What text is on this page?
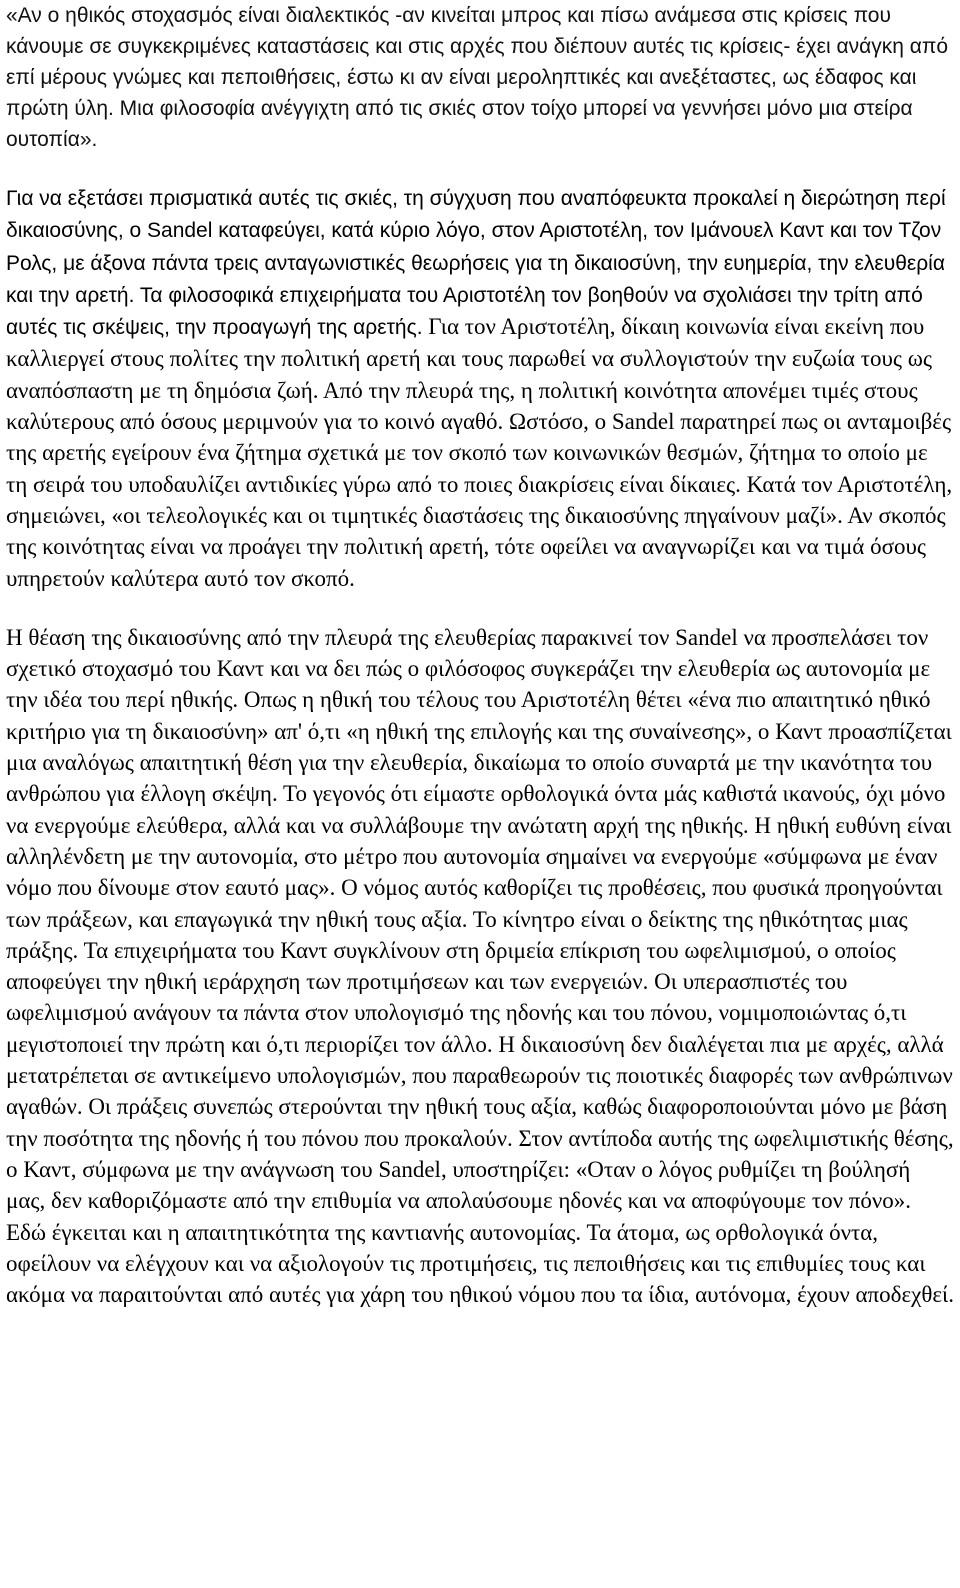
«Αν ο ηθικός στοχασμός είναι διαλεκτικός -αν κινείται μπρος και πίσω ανάμεσα στις κρίσεις που κάνουμε σε συγκεκριμένες καταστάσεις και στις αρχές που διέπουν αυτές τις κρίσεις- έχει ανάγκη από επί μέρους γνώμες και πεποιθήσεις, έστω κι αν είναι μεροληπτικές και ανεξέταστες, ως έδαφος και πρώτη ύλη. Μια φιλοσοφία ανέγγιχτη από τις σκιές στον τοίχο μπορεί να γεννήσει μόνο μια στείρα ουτοπία».

Για να εξετάσει πρισματικά αυτές τις σκιές, τη σύγχυση που αναπόφευκτα προκαλεί η διερώτηση περί δικαιοσύνης, ο Sandel καταφεύγει, κατά κύριο λόγο, στον Αριστοτέλη, τον Ιμάνουελ Καντ και τον Τζον Ρολς, με άξονα πάντα τρεις ανταγωνιστικές θεωρήσεις για τη δικαιοσύνη, την ευημερία, την ελευθερία και την αρετή. Τα φιλοσοφικά επιχειρήματα του Αριστοτέλη τον βοηθούν να σχολιάσει την τρίτη από αυτές τις σκέψεις, την προαγωγή της αρετής. Για τον Αριστοτέλη, δίκαιη κοινωνία είναι εκείνη που καλλιεργεί στους πολίτες την πολιτική αρετή και τους παρωθεί να συλλογιστούν την ευζωία τους ως αναπόσπαστη με τη δημόσια ζωή. Από την πλευρά της, η πολιτική κοινότητα απονέμει τιμές στους καλύτερους από όσους μεριμνούν για το κοινό αγαθό. Ωστόσο, ο Sandel παρατηρεί πως οι ανταμοιβές της αρετής εγείρουν ένα ζήτημα σχετικά με τον σκοπό των κοινωνικών θεσμών, ζήτημα το οποίο με τη σειρά του υποδαυλίζει αντιδικίες γύρω από το ποιες διακρίσεις είναι δίκαιες. Κατά τον Αριστοτέλη, σημειώνει, «οι τελεολογικές και οι τιμητικές διαστάσεις της δικαιοσύνης πηγαίνουν μαζί». Αν σκοπός της κοινότητας είναι να προάγει την πολιτική αρετή, τότε οφείλει να αναγνωρίζει και να τιμά όσους υπηρετούν καλύτερα αυτό τον σκοπό.

Η θέαση της δικαιοσύνης από την πλευρά της ελευθερίας παρακινεί τον Sandel να προσπελάσει τον σχετικό στοχασμό του Καντ και να δει πώς ο φιλόσοφος συγκεράζει την ελευθερία ως αυτονομία με την ιδέα του περί ηθικής. Οπως η ηθική του τέλους του Αριστοτέλη θέτει «ένα πιο απαιτητικό ηθικό κριτήριο για τη δικαιοσύνη» απ' ό,τι «η ηθική της επιλογής και της συναίνεσης», ο Καντ προασπίζεται μια αναλόγως απαιτητική θέση για την ελευθερία, δικαίωμα το οποίο συναρτά με την ικανότητα του ανθρώπου για έλλογη σκέψη. Το γεγονός ότι είμαστε ορθολογικά όντα μάς καθιστά ικανούς, όχι μόνο να ενεργούμε ελεύθερα, αλλά και να συλλάβουμε την ανώτατη αρχή της ηθικής. Η ηθική ευθύνη είναι αλληλένδετη με την αυτονομία, στο μέτρο που αυτονομία σημαίνει να ενεργούμε «σύμφωνα με έναν νόμο που δίνουμε στον εαυτό μας». Ο νόμος αυτός καθορίζει τις προθέσεις, που φυσικά προηγούνται των πράξεων, και επαγωγικά την ηθική τους αξία. Το κίνητρο είναι ο δείκτης της ηθικότητας μιας πράξης. Τα επιχειρήματα του Καντ συγκλίνουν στη δριμεία επίκριση του ωφελιμισμού, ο οποίος αποφεύγει την ηθική ιεράρχηση των προτιμήσεων και των ενεργειών. Οι υπερασπιστές του ωφελιμισμού ανάγουν τα πάντα στον υπολογισμό της ηδονής και του πόνου, νομιμοποιώντας ό,τι μεγιστοποιεί την πρώτη και ό,τι περιορίζει τον άλλο. Η δικαιοσύνη δεν διαλέγεται πια με αρχές, αλλά μετατρέπεται σε αντικείμενο υπολογισμών, που παραθεωρούν τις ποιοτικές διαφορές των ανθρώπινων αγαθών. Οι πράξεις συνεπώς στερούνται την ηθική τους αξία, καθώς διαφοροποιούνται μόνο με βάση την ποσότητα της ηδονής ή του πόνου που προκαλούν. Στον αντίποδα αυτής της ωφελιμιστικής θέσης, ο Καντ, σύμφωνα με την ανάγνωση του Sandel, υποστηρίζει: «Οταν ο λόγος ρυθμίζει τη βούλησή μας, δεν καθοριζόμαστε από την επιθυμία να απολαύσουμε ηδονές και να αποφύγουμε τον πόνο». Εδώ έγκειται και η απαιτητικότητα της καντιανής αυτονομίας. Τα άτομα, ως ορθολογικά όντα, οφείλουν να ελέγχουν και να αξιολογούν τις προτιμήσεις, τις πεποιθήσεις και τις επιθυμίες τους και ακόμα να παραιτούνται από αυτές για χάρη του ηθικού νόμου που τα ίδια, αυτόνομα, έχουν αποδεχθεί.
